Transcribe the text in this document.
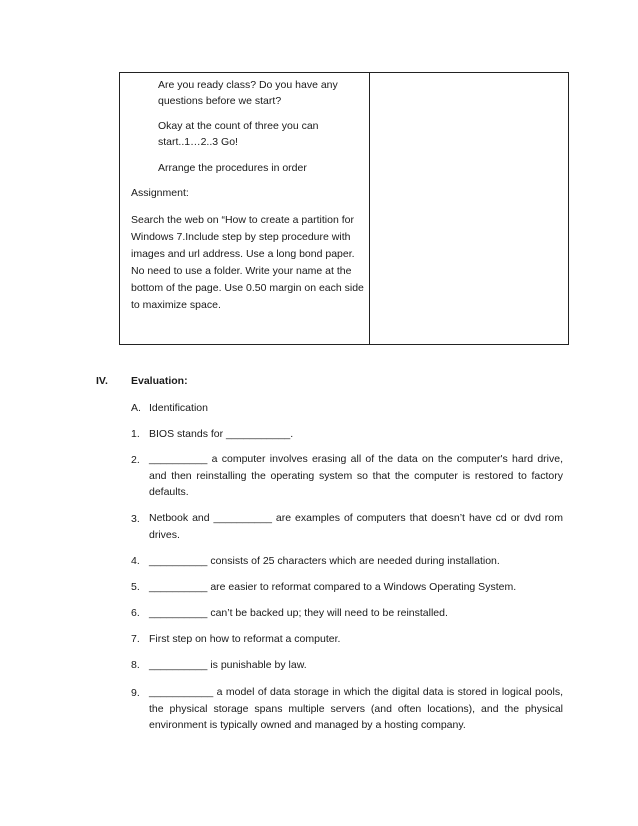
Are you ready class? Do you have any
questions before we start?
Okay at the count of three you can
start..1…2..3 Go!
Arrange the procedures in order
Assignment:
Search the web on “How to create a partition for
Windows 7.Include step by step procedure with
images and url address. Use a long bond paper.
No need to use a folder. Write your name at the
bottom of the page. Use 0.50 margin on each side
to maximize space.
IV. Evaluation:
A. Identification
1. BIOS stands for ___________.
2. __________ a computer involves erasing all of the data on the computer's hard drive, and then reinstalling the operating system so that the computer is restored to factory defaults.
3. Netbook and __________ are examples of computers that doesn’t have cd or dvd rom drives.
4. __________ consists of 25 characters which are needed during installation.
5. __________ are easier to reformat compared to a Windows Operating System.
6. __________ can’t be backed up; they will need to be reinstalled.
7. First step on how to reformat a computer.
8. __________ is punishable by law.
9. ___________ a model of data storage in which the digital data is stored in logical pools, the physical storage spans multiple servers (and often locations), and the physical environment is typically owned and managed by a hosting company.
